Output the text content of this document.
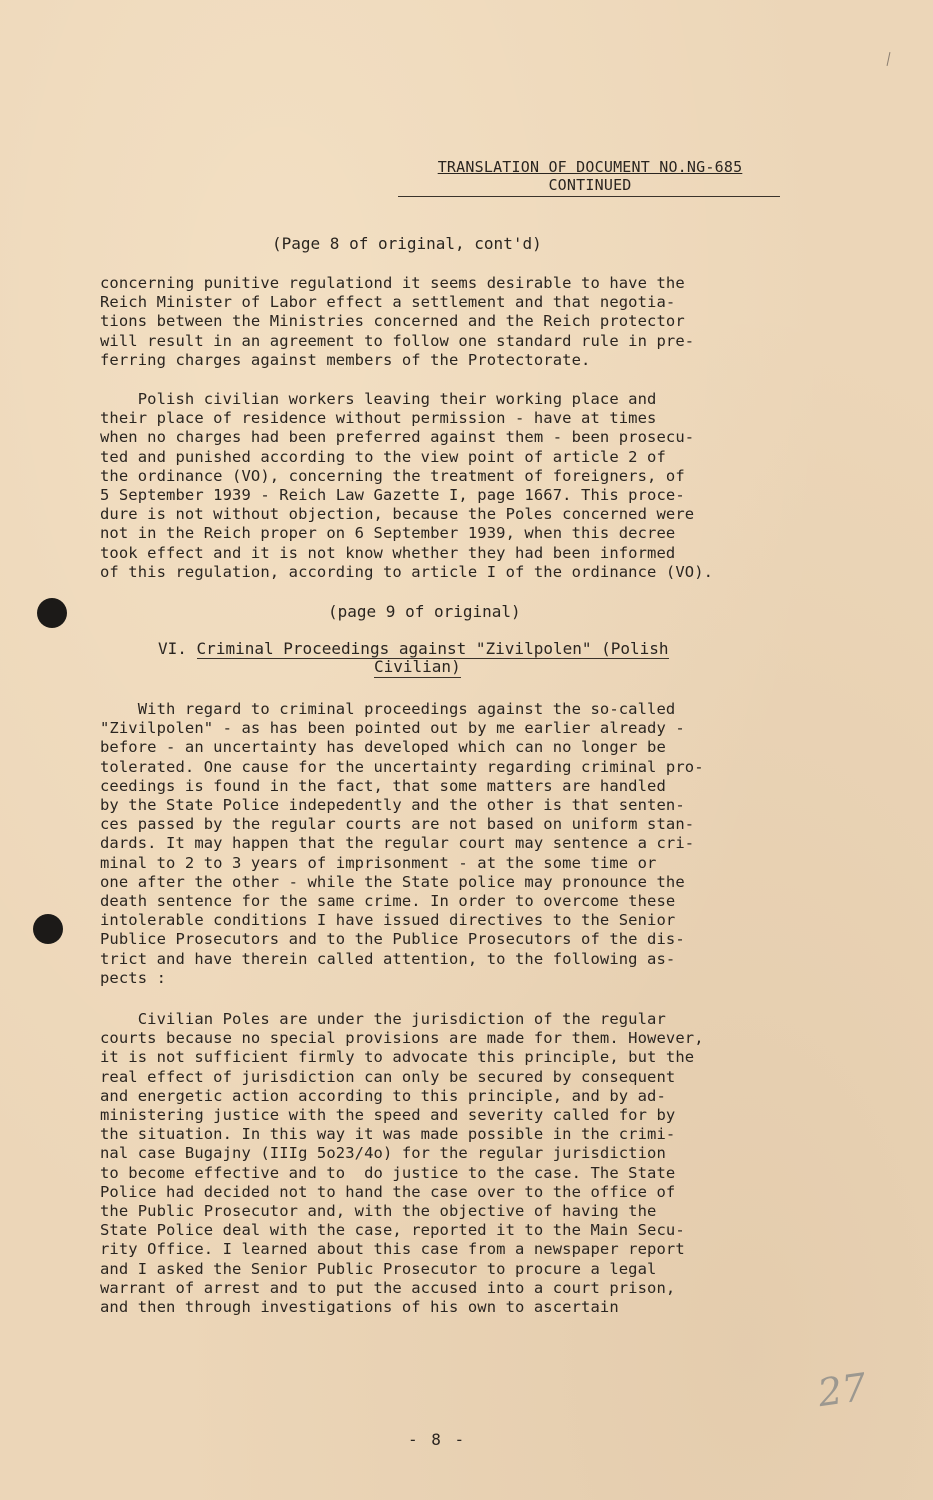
TRANSLATION OF DOCUMENT NO.NG-685
CONTINUED
(Page 8 of original, cont'd)
concerning punitive regulationd it seems desirable to have the
Reich Minister of Labor effect a settlement and that negotia-
tions between the Ministries concerned and the Reich protector
will result in an agreement to follow one standard rule in pre-
ferring charges against members of the Protectorate.
Polish civilian workers leaving their working place and
their place of residence without permission - have at times
when no charges had been preferred against them - been prosecu-
ted and punished according to the view point of article 2 of
the ordinance (VO), concerning the treatment of foreigners, of
5 September 1939 - Reich Law Gazette I, page 1667. This proce-
dure is not without objection, because the Poles concerned were
not in the Reich proper on 6 September 1939, when this decree
took effect and it is not know whether they had been informed
of this regulation, according to article I of the ordinance (VO).
(page 9 of original)
VI. Criminal Proceedings against "Zivilpolen" (Polish
Civilian)
With regard to criminal proceedings against the so-called
"Zivilpolen" - as has been pointed out by me earlier already -
before - an uncertainty has developed which can no longer be
tolerated. One cause for the uncertainty regarding criminal pro-
ceedings is found in the fact, that some matters are handled
by the State Police indepedently and the other is that senten-
ces passed by the regular courts are not based on uniform stan-
dards. It may happen that the regular court may sentence a cri-
minal to 2 to 3 years of imprisonment - at the some time or
one after the other - while the State police may pronounce the
death sentence for the same crime. In order to overcome these
intolerable conditions I have issued directives to the Senior
Publice Prosecutors and to the Publice Prosecutors of the dis-
trict and have therein called attention, to the following as-
pects :
Civilian Poles are under the jurisdiction of the regular
courts because no special provisions are made for them. However,
it is not sufficient firmly to advocate this principle, but the
real effect of jurisdiction can only be secured by consequent
and energetic action according to this principle, and by ad-
ministering justice with the speed and severity called for by
the situation. In this way it was made possible in the crimi-
nal case Bugajny (IIIg 5o23/4o) for the regular jurisdiction
to become effective and to  do justice to the case. The State
Police had decided not to hand the case over to the office of
the Public Prosecutor and, with the objective of having the
State Police deal with the case, reported it to the Main Secu-
rity Office. I learned about this case from a newspaper report
and I asked the Senior Public Prosecutor to procure a legal
warrant of arrest and to put the accused into a court prison,
and then through investigations of his own to ascertain
27
- 8 -
